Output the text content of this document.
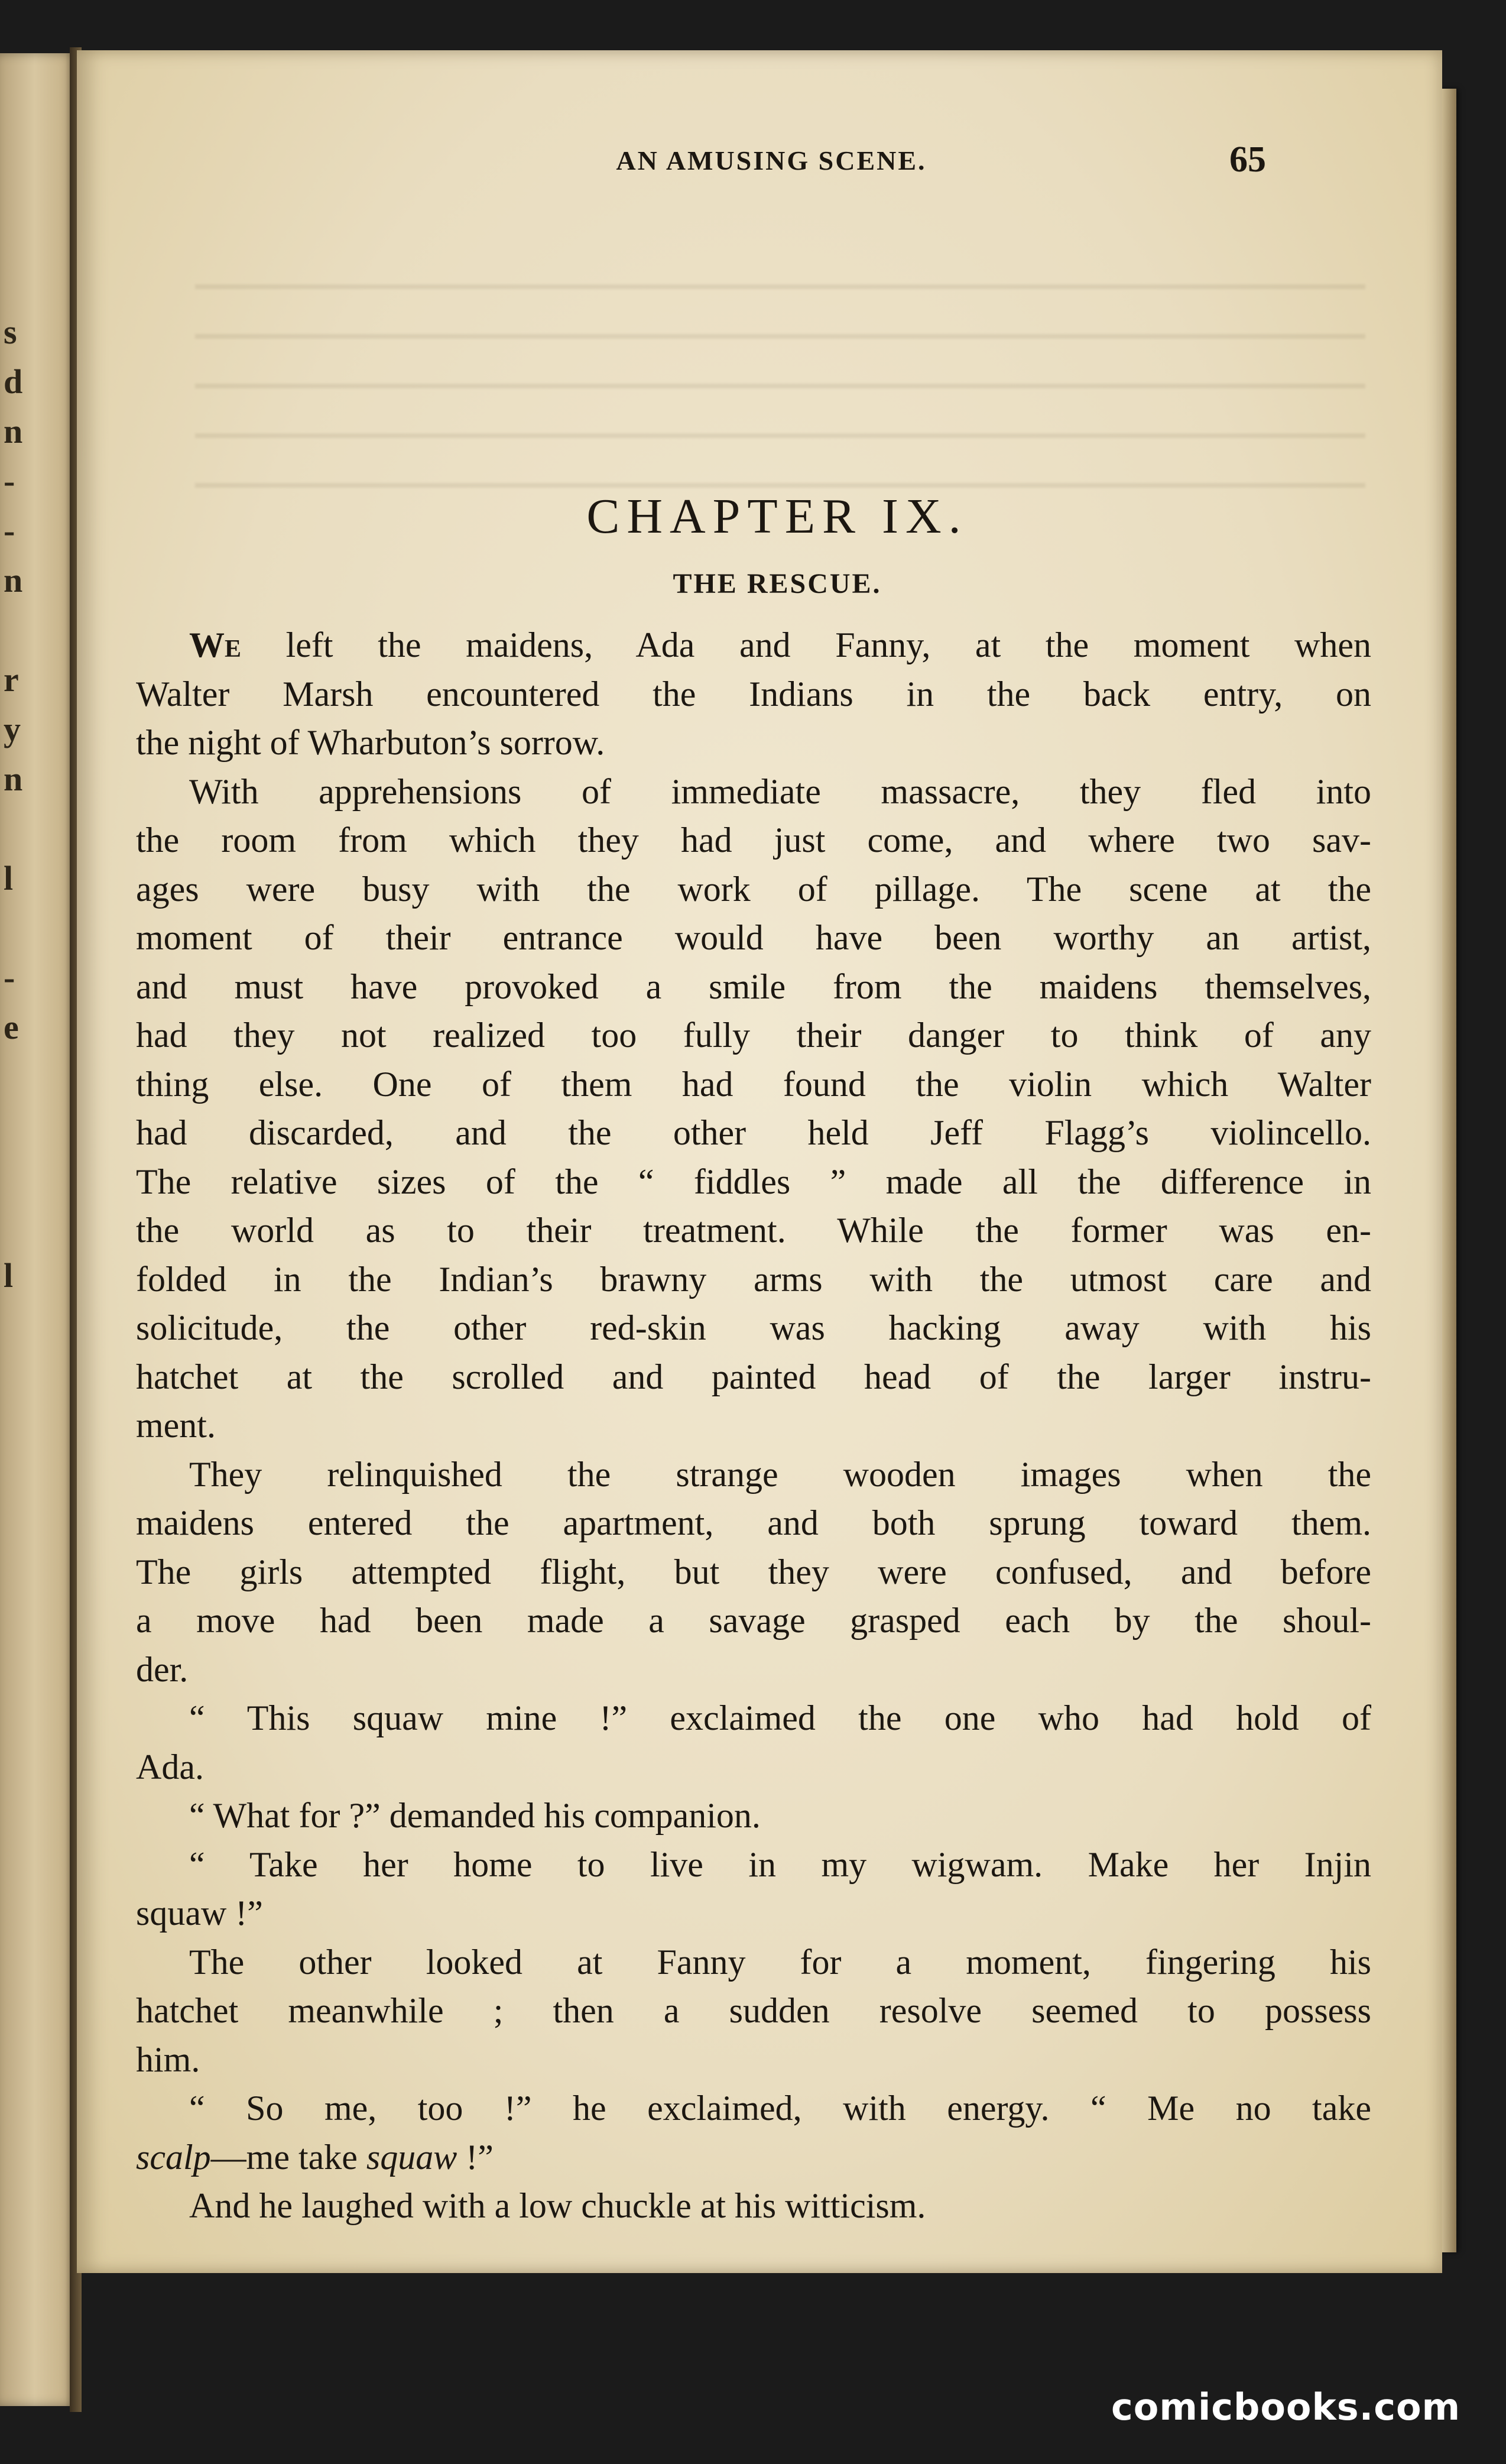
s
d
n
-
-
n
r
y
n
l
-
e
l
AN AMUSING SCENE.	65
CHAPTER IX.
THE RESCUE.
We left the maidens, Ada and Fanny, at the moment when
Walter Marsh encountered the Indians in the back entry, on
the night of Wharbuton’s sorrow.
With apprehensions of immediate massacre, they fled into
the room from which they had just come, and where two sav-
ages were busy with the work of pillage. The scene at the
moment of their entrance would have been worthy an artist,
and must have provoked a smile from the maidens themselves,
had they not realized too fully their danger to think of any
thing else. One of them had found the violin which Walter
had discarded, and the other held Jeff Flagg’s violincello.
The relative sizes of the “ fiddles ” made all the difference in
the world as to their treatment. While the former was en-
folded in the Indian’s brawny arms with the utmost care and
solicitude, the other red-skin was hacking away with his
hatchet at the scrolled and painted head of the larger instru-
ment.
They relinquished the strange wooden images when the
maidens entered the apartment, and both sprung toward them.
The girls attempted flight, but they were confused, and before
a move had been made a savage grasped each by the shoul-
der.
“ This squaw mine !” exclaimed the one who had hold of
Ada.
“ What for ?” demanded his companion.
“ Take her home to live in my wigwam. Make her Injin
squaw !”
The other looked at Fanny for a moment, fingering his
hatchet meanwhile ; then a sudden resolve seemed to possess
him.
“ So me, too !” he exclaimed, with energy. “ Me no take
scalp—me take squaw !”
And he laughed with a low chuckle at his witticism.
comicbooks.com
